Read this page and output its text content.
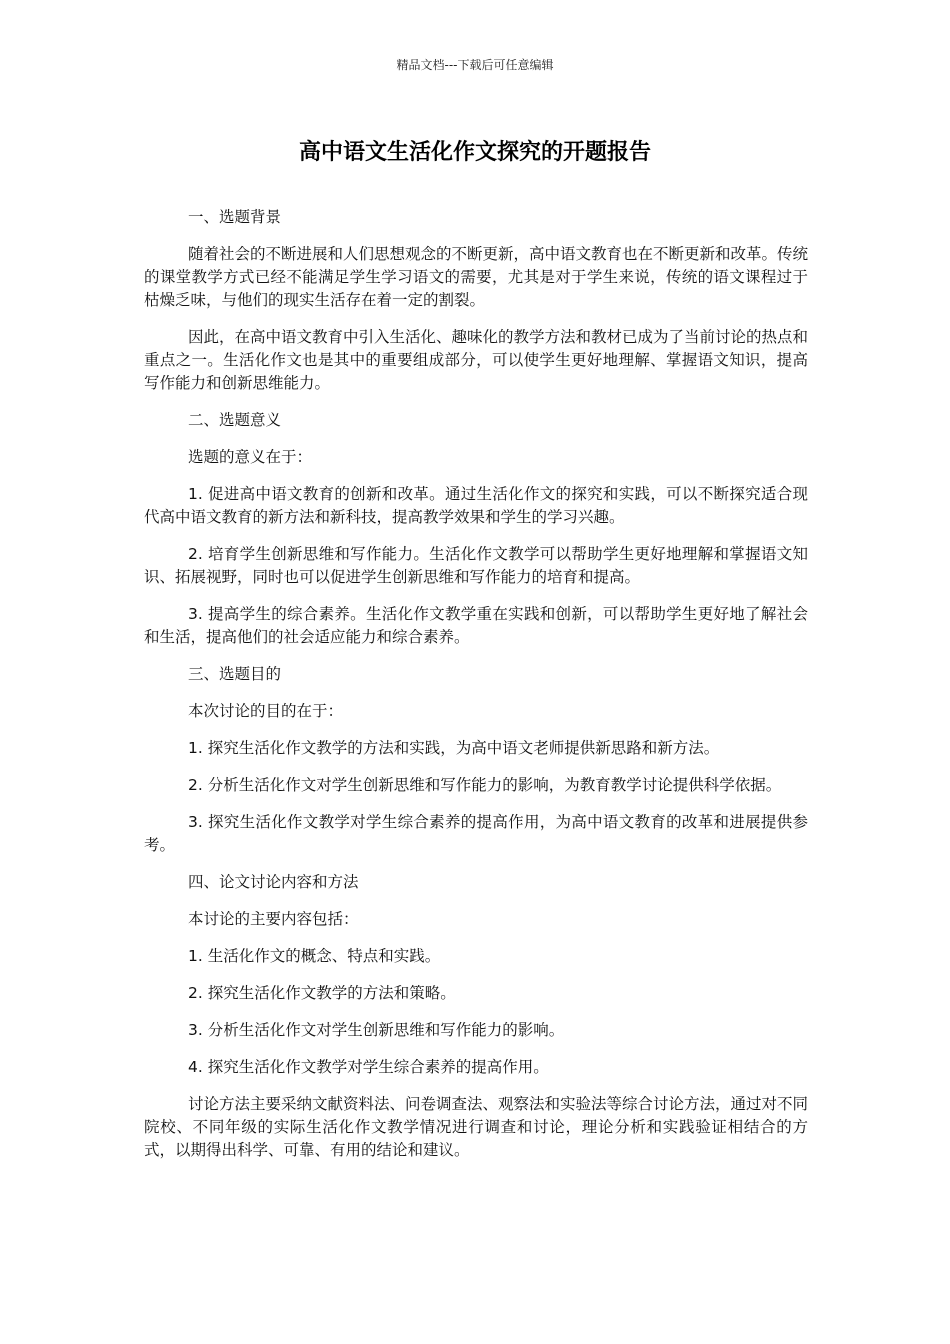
精品文档---下载后可任意编辑
高中语文生活化作文探究的开题报告

一、选题背景

随着社会的不断进展和人们思想观念的不断更新，高中语文教育也在不断更新和改革。传统的课堂教学方式已经不能满足学生学习语文的需要，尤其是对于学生来说，传统的语文课程过于枯燥乏味，与他们的现实生活存在着一定的割裂。

因此，在高中语文教育中引入生活化、趣味化的教学方法和教材已成为了当前讨论的热点和重点之一。生活化作文也是其中的重要组成部分，可以使学生更好地理解、掌握语文知识，提高写作能力和创新思维能力。

二、选题意义

选题的意义在于：

1. 促进高中语文教育的创新和改革。通过生活化作文的探究和实践，可以不断探究适合现代高中语文教育的新方法和新科技，提高教学效果和学生的学习兴趣。

2. 培育学生创新思维和写作能力。生活化作文教学可以帮助学生更好地理解和掌握语文知识、拓展视野，同时也可以促进学生创新思维和写作能力的培育和提高。

3. 提高学生的综合素养。生活化作文教学重在实践和创新，可以帮助学生更好地了解社会和生活，提高他们的社会适应能力和综合素养。

三、选题目的

本次讨论的目的在于：

1. 探究生活化作文教学的方法和实践，为高中语文老师提供新思路和新方法。

2. 分析生活化作文对学生创新思维和写作能力的影响，为教育教学讨论提供科学依据。

3. 探究生活化作文教学对学生综合素养的提高作用，为高中语文教育的改革和进展提供参考。

四、论文讨论内容和方法

本讨论的主要内容包括：

1. 生活化作文的概念、特点和实践。

2. 探究生活化作文教学的方法和策略。

3. 分析生活化作文对学生创新思维和写作能力的影响。

4. 探究生活化作文教学对学生综合素养的提高作用。

讨论方法主要采纳文献资料法、问卷调查法、观察法和实验法等综合讨论方法，通过对不同院校、不同年级的实际生活化作文教学情况进行调查和讨论，理论分析和实践验证相结合的方式，以期得出科学、可靠、有用的结论和建议。
